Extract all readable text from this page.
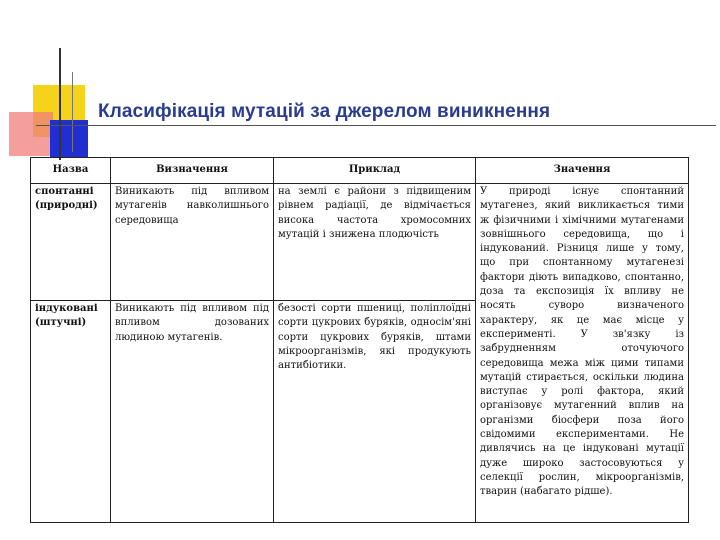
Класифікація мутацій за джерелом виникнення
Назва	Визначення	Приклад	Значення
спонтанні (природні)	Виникають під впливом мутагенів навколишнього середовища	на землі є райони з підвищеним рівнем радіації, де відмічається висока частота хромосомних мутацій і знижена плодючість	У природі існує спонтанний мутагенез, який викликається тими ж фізичними і хімічними мутагенами зовнішнього середовища, що і індукований. Різниця лише у тому, що при спонтанному мутагенезі фактори діють випадково, спонтанно, доза та експозиція їх впливу не носять суворо визначеного характеру, як це має місце у експерименті. У зв'язку із забрудненням оточуючого середовища межа між цими типами мутацій стирається, оскільки людина виступає у ролі фактора, який організовує мутагенний вплив на організми біосфери поза його свідомими експериментами. Не дивлячись на це індуковані мутації дуже широко застосовуються у селекції рослин, мікроорганізмів, тварин (набагато рідше).
індуковані (штучні)	Виникають під впливом під впливом дозованих людиною мутагенів.	безості сорти пшениці, поліплоїдні сорти цукрових буряків, односім'яні сорти цукрових буряків, штами мікроорганізмів, які продукують антибіотики.	
